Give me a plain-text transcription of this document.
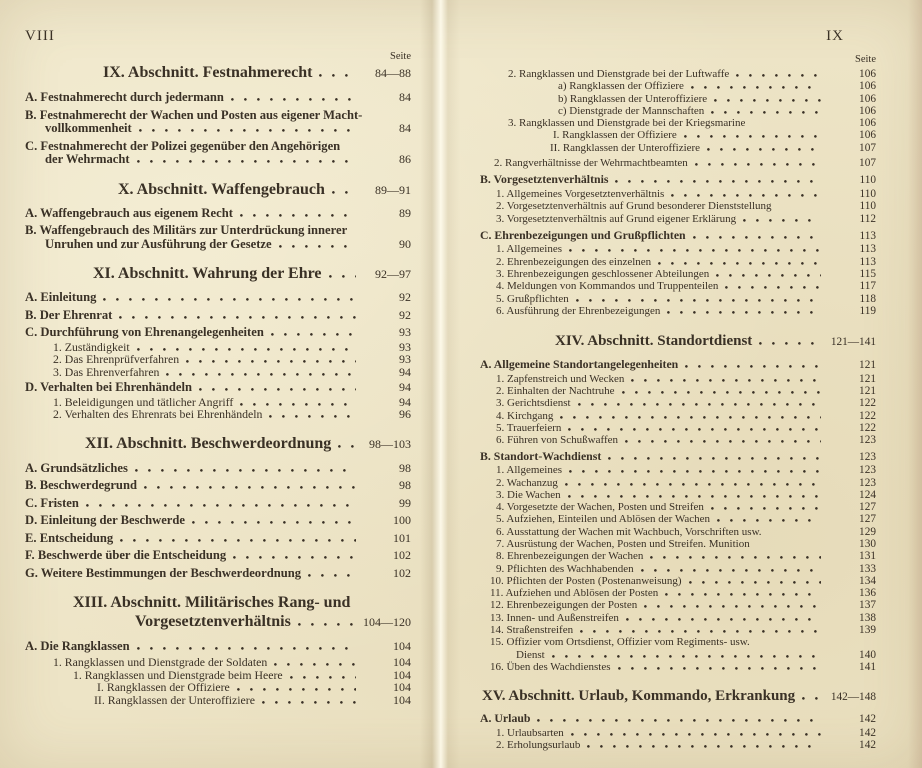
VIII
Seite
IX. Abschnitt. Festnahmerecht	84—88
A. Festnahmerecht durch jedermann	84
B. Festnahmerecht der Wachen und Posten aus eigener Macht-
vollkommenheit	84
C. Festnahmerecht der Polizei gegenüber den Angehörigen
der Wehrmacht	86
X. Abschnitt. Waffengebrauch	89—91
A. Waffengebrauch aus eigenem Recht	89
B. Waffengebrauch des Militärs zur Unterdrückung innerer
Unruhen und zur Ausführung der Gesetze	90
XI. Abschnitt. Wahrung der Ehre	92—97
A. Einleitung	92
B. Der Ehrenrat	92
C. Durchführung von Ehrenangelegenheiten	93
1. Zuständigkeit	93
2. Das Ehrenprüfverfahren	93
3. Das Ehrenverfahren	94
D. Verhalten bei Ehrenhändeln	94
1. Beleidigungen und tätlicher Angriff	94
2. Verhalten des Ehrenrats bei Ehrenhändeln	96
XII. Abschnitt. Beschwerdeordnung	98—103
A. Grundsätzliches	98
B. Beschwerdegrund	98
C. Fristen	99
D. Einleitung der Beschwerde	100
E. Entscheidung	101
F. Beschwerde über die Entscheidung	102
G. Weitere Bestimmungen der Beschwerdeordnung	102
XIII. Abschnitt. Militärisches Rang- und
Vorgesetztenverhältnis	104—120
A. Die Rangklassen	104
1. Rangklassen und Dienstgrade der Soldaten	104
1. Rangklassen und Dienstgrade beim Heere	104
I. Rangklassen der Offiziere	104
II. Rangklassen der Unteroffiziere	104
IX
Seite
2. Rangklassen und Dienstgrade bei der Luftwaffe	106
a) Rangklassen der Offiziere	106
b) Rangklassen der Unteroffiziere	106
c) Dienstgrade der Mannschaften	106
3. Rangklassen und Dienstgrade bei der Kriegsmarine	106
I. Rangklassen der Offiziere	106
II. Rangklassen der Unteroffiziere	107
2. Rangverhältnisse der Wehrmachtbeamten	107
B. Vorgesetztenverhältnis	110
1. Allgemeines Vorgesetztenverhältnis	110
2. Vorgesetztenverhältnis auf Grund besonderer Dienststellung	110
3. Vorgesetztenverhältnis auf Grund eigener Erklärung	112
C. Ehrenbezeigungen und Grußpflichten	113
1. Allgemeines	113
2. Ehrenbezeigungen des einzelnen	113
3. Ehrenbezeigungen geschlossener Abteilungen	115
4. Meldungen von Kommandos und Truppenteilen	117
5. Grußpflichten	118
6. Ausführung der Ehrenbezeigungen	119
XIV. Abschnitt. Standortdienst	121—141
A. Allgemeine Standortangelegenheiten	121
1. Zapfenstreich und Wecken	121
2. Einhalten der Nachtruhe	121
3. Gerichtsdienst	122
4. Kirchgang	122
5. Trauerfeiern	122
6. Führen von Schußwaffen	123
B. Standort-Wachdienst	123
1. Allgemeines	123
2. Wachanzug	123
3. Die Wachen	124
4. Vorgesetzte der Wachen, Posten und Streifen	127
5. Aufziehen, Einteilen und Ablösen der Wachen	127
6. Ausstattung der Wachen mit Wachbuch, Vorschriften usw.	129
7. Ausrüstung der Wachen, Posten und Streifen. Munition	130
8. Ehrenbezeigungen der Wachen	131
9. Pflichten des Wachhabenden	133
10. Pflichten der Posten (Postenanweisung)	134
11. Aufziehen und Ablösen der Posten	136
12. Ehrenbezeigungen der Posten	137
13. Innen- und Außenstreifen	138
14. Straßenstreifen	139
15. Offizier vom Ortsdienst, Offizier vom Regiments- usw.
Dienst	140
16. Üben des Wachdienstes	141
XV. Abschnitt. Urlaub, Kommando, Erkrankung	142—148
A. Urlaub	142
1. Urlaubsarten	142
2. Erholungsurlaub	142
